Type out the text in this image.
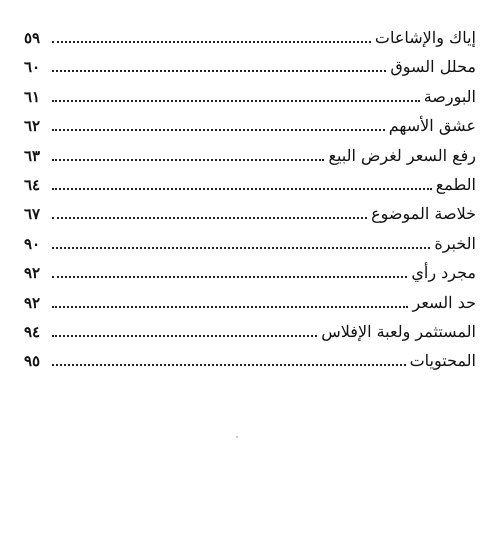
إياك والإشاعات
٥٩
محلل السوق
٦٠
البورصة
٦١
عشق الأسهم
٦٢
رفع السعر لغرض البيع
٦٣
الطمع
٦٤
خلاصة الموضوع
٦٧
الخبرة
٩٠
مجرد رأي
٩٢
حد السعر
٩٢
المستثمر ولعبة الإفلاس
٩٤
المحتويات
٩٥
